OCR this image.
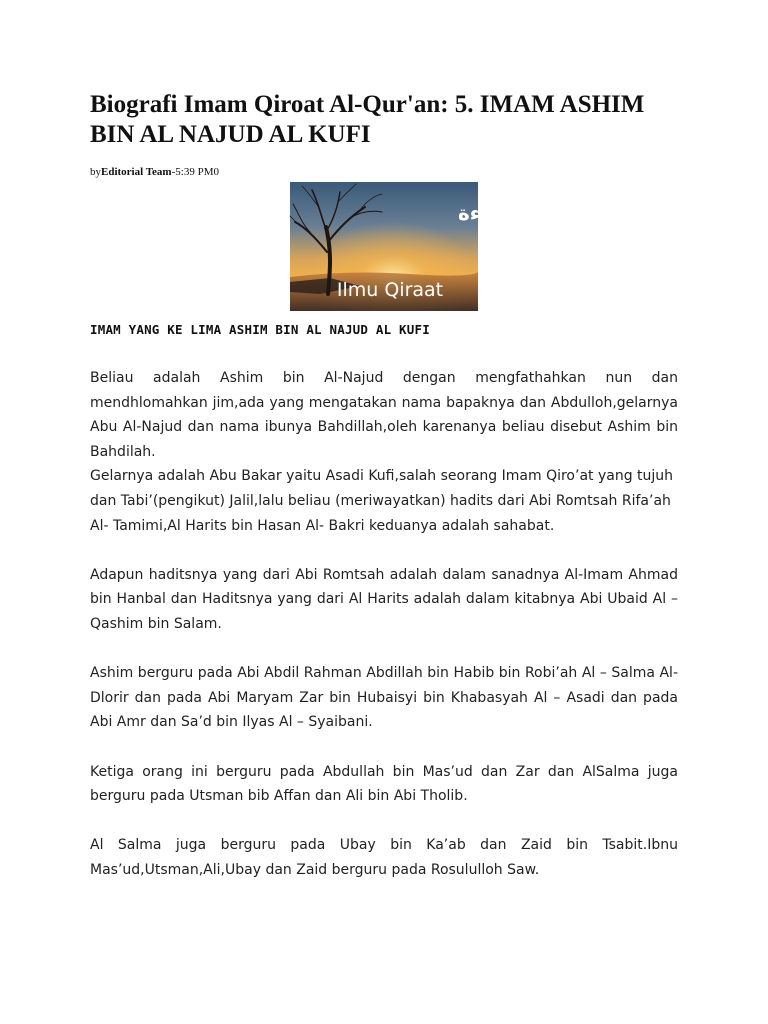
Biografi Imam Qiroat Al-Qur'an: 5. IMAM ASHIM BIN AL NAJUD AL KUFI
byEditorial Team-5:39 PM0
القراءة
Ilmu Qiraat
IMAM YANG KE LIMA ASHIM BIN AL NAJUD AL KUFI

Beliau adalah Ashim bin Al-Najud dengan mengfathahkan nun dan mendhlomahkan jim,ada yang mengatakan nama bapaknya dan Abdulloh,gelarnya Abu Al-Najud dan nama ibunya Bahdillah,oleh karenanya beliau disebut Ashim bin Bahdilah.

Gelarnya adalah Abu Bakar yaitu Asadi Kufi,salah seorang Imam Qiro’at yang tujuh dan Tabi’(pengikut) Jalil,lalu beliau (meriwayatkan) hadits dari Abi Romtsah Rifa’ah Al- Tamimi,Al Harits bin Hasan Al- Bakri keduanya adalah sahabat.

Adapun haditsnya yang dari Abi Romtsah adalah dalam sanadnya Al-Imam Ahmad bin Hanbal dan Haditsnya yang dari Al Harits adalah dalam kitabnya Abi Ubaid Al – Qashim bin Salam.

Ashim berguru pada Abi Abdil Rahman Abdillah bin Habib bin Robi’ah Al – Salma Al-Dlorir dan pada Abi Maryam Zar bin Hubaisyi bin Khabasyah Al – Asadi dan pada Abi Amr dan Sa’d bin Ilyas Al – Syaibani.

Ketiga orang ini berguru pada Abdullah bin Mas’ud dan Zar dan AlSalma juga berguru pada Utsman bib Affan dan Ali bin Abi Tholib.

Al Salma juga berguru pada Ubay bin Ka’ab dan Zaid bin Tsabit.Ibnu Mas’ud,Utsman,Ali,Ubay dan Zaid berguru pada Rosululloh Saw.
